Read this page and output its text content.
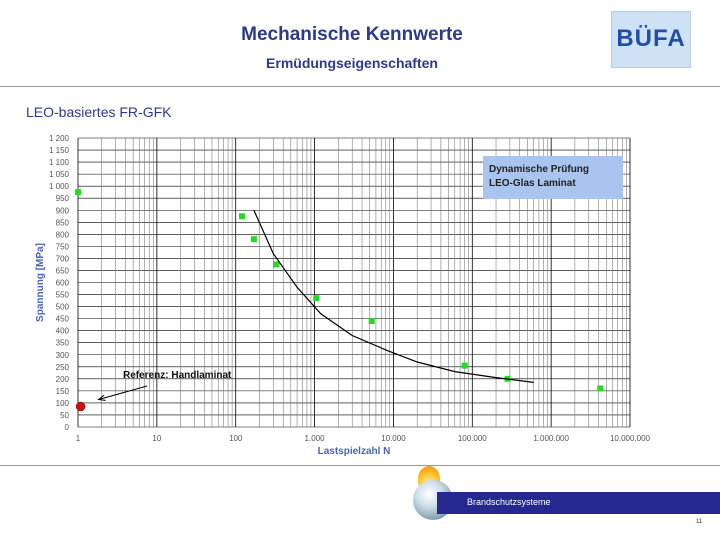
Mechanische Kennwerte
Ermüdungseigenschaften
BÜFA
LEO-basiertes FR-GFK
0
50
100
150
200
250
300
350
400
450
500
550
600
650
700
750
800
850
900
950
1 000
1 050
1 100
1 150
1 200
1	10	100	1.000	10.000	100.000	1.000.000	10.000.000
Lastspielzahl N
Spannung [MPa]
Dynamische Prüfung
LEO-Glas Laminat
Referenz: Handlaminat
Brandschutzsysteme
11
